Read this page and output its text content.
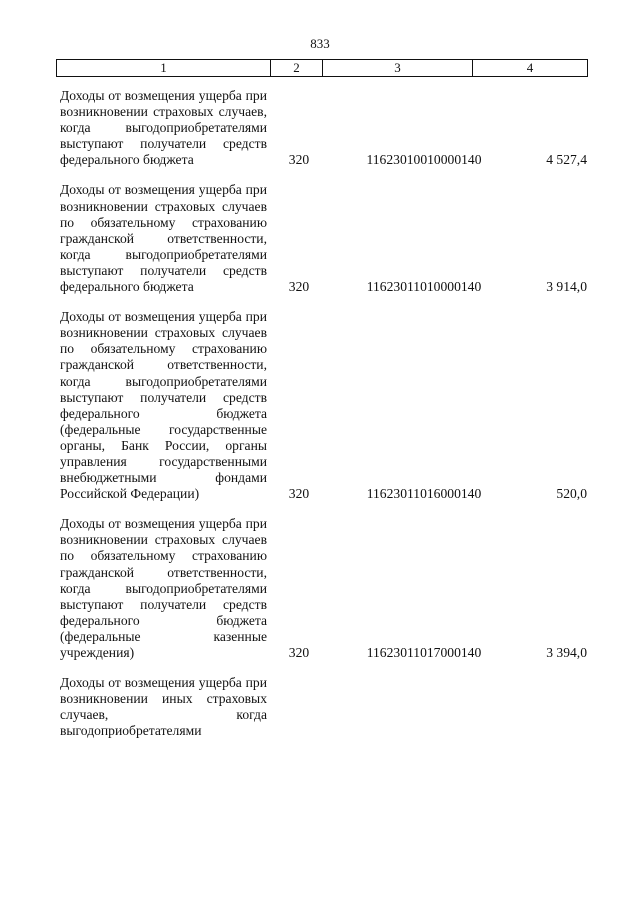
833
1	2	3	4
Доходы от возмещения ущерба при возникновении страховых случаев, когда выгодоприобретателями выступают получатели средств федерального бюджета	320	11623010010000140	4 527,4
Доходы от возмещения ущерба при возникновении страховых случаев по обязательному страхованию гражданской ответственности, когда выгодоприобретателями выступают получатели средств федерального бюджета	320	11623011010000140	3 914,0
Доходы от возмещения ущерба при возникновении страховых случаев по обязательному страхованию гражданской ответственности, когда выгодоприобретателями выступают получатели средств федерального бюджета (федеральные государственные органы, Банк России, органы управления государственными внебюджетными фондами Российской Федерации)	320	11623011016000140	520,0
Доходы от возмещения ущерба при возникновении страховых случаев по обязательному страхованию гражданской ответственности, когда выгодоприобретателями выступают получатели средств федерального бюджета (федеральные казенные учреждения)	320	11623011017000140	3 394,0
Доходы от возмещения ущерба при возникновении иных страховых случаев, когда выгодоприобретателями
